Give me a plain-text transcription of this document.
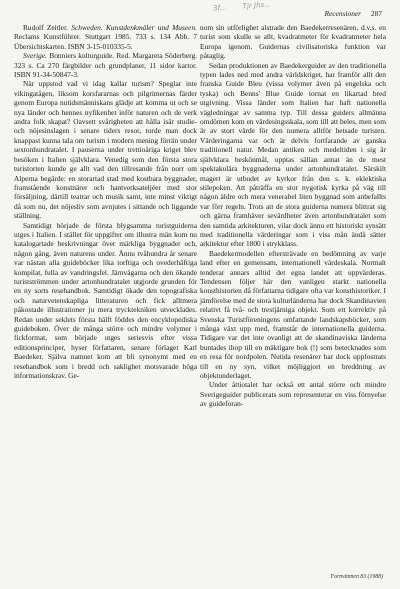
3f... Tjr Jhs...
Recensioner 287

Rudolf Zeitler. Schweden. Kunstdenkmäler und Museen. Reclams Kunstführer. Stuttgart 1985. 733 s. 134 Abb. 7 Übersichtskarten. ISBN 3-15-010335-5.

Sverige. Bonniers kulturguide. Red. Margareta Söderberg. 323 s. Ca 270 färgbilder och grundplaner, 11 sidor kartor. ISBN 91-34-50847-3.

När uppstod vad vi idag kallar turism? Speglar inte vikingatågen, liksom korsfararnas och pilgrimernas färder genom Europa nutidsmänniskans glädje att komma ut och se nya länder och hennes nyfikenhet inför naturen och de verk andra folk skapat? Oavsett svårigheten att hålla isär studie- och nöjesinslagen i senare tiders resor, torde man dock knappast kunna tala om turism i modern mening förrän under sextonhundratalet. I pauserna under trettioåriga kriget blev besöken i Italien självklara. Venedig som den första stora turistorten kunde ge allt vad den tillresande från norr om Alperna begärde: en storartad stad med kostbara byggnader, framstående konstnärer och hantverksateljéer med stor försäljning, därtill teatrar och musik samt, inte minst viktigt då som nu, det nöjesliv som avnjutes i sittande och liggande ställning.

Samtidigt började de första blygsamma turistguiderna utges i Italien. I stället för uppgifter om illustra män kom nu katalogartade beskrivningar över märkliga byggnader och, någon gång, även naturens under. Ännu tvåhundra år senare var nästan alla guideböcker lika torftiga och ovederhäftiga kompilat, fulla av vandringsfel. Järnvägarna och den ökande turistströmmen under artonhundratalet utgjorde grunden för en ny sorts resehandbok. Samtidigt ökade den topografiska och naturvetenskapliga litteraturen och fick alltmera påkostade illustrationer ju mera trycktekniken utvecklades. Redan under seklets första hälft föddes den encyklopediska guideboken. Över de många större och mindre volymer i fickformat, som började utges seriesvis efter vissa editionsprinciper, hyser författaren, senare förlaget Karl Baedeker. Själva namnet kom att bli synonymt med en resehandbok som i bredd och saklighet motsvarade höga informationskrav. Ge-

nom sin utförlighet alstrade den Baedekerresenären, d.v.s. en turist som skulle se allt, kvadratmeter för kvadratmeter hela Europa igenom. Guidernas civilisatoriska funktion var påtaglig.

Sedan produktionen av Baedekerguider av den traditionella typen lades ned med andra världskriget, har framför allt den franska Guide Bleu (vissa volymer även på engelska och tyska) och Benns' Blue Guide tornat en likartad bred utgivning. Vissa länder som Italien har haft nationella vägledningar av samma typ. Till dessa guiders allmänna omdömen kom en värdesingsskala, som till att beles, men som är av stort värde för den numera alltför hetsade turisten. Värderingarna var och är delvis fortfarande av ganska traditionell natur. Medan antiken och medeltiden i sig är självklara beskönmål, upptas sällan annat än de mest spektakulära byggnaderna under artonhundratalet. Särskilt magert är utbudet av kyrkor från den s. k. eklektiska stilepoken. Att påträffa en stor nygotisk kyrka på väg till någon äldre och mera venerabel liten byggnad som anbefallts var förr regeln. Trots att de stora guiderna numera blittrat sig och gärna framhäver sevärdheter även artonhundratalet som den samtida arkitekturen, vilar dock ännu ett historiskt synsätt med traditionella värderingar som i viss mån ändå sätter arkitektur efter 1800 i strykklass.

Baedekermodellen eftersträvade en bedömning av varje land efter en gemensam, internationell värdeskala. Normalt tenderar annars alltid det egna landet att uppvärderas. Tendensen följer här den vanligen starkt nationella konsthistorien då författarna tidigare ofta var konsthistoriker. I jämförelse med de stora kulturländerna har dock Skandinavien relativt få två- och trestjärniga objekt. Som ett korrektiv på Svenska Turistföreningens omfattande landskapsböcker, som många växt upp med, framstår de internationella guiderna. Tidigare var det inte ovanligt att de skandinaviska länderna buntades ihop till en mäktigare bok (!) som betecknades som en resa för nordpolen. Nutida resenärer har dock uppfostrats till en ny syn, vilket möjliggjort en breddning av objektunderlaget.

Under åttiotalet har också ett antal större och mindre Sverigeguider publicerats som representerar en viss förnyelse av guideforan-

Fornvännen 83 (1988)
